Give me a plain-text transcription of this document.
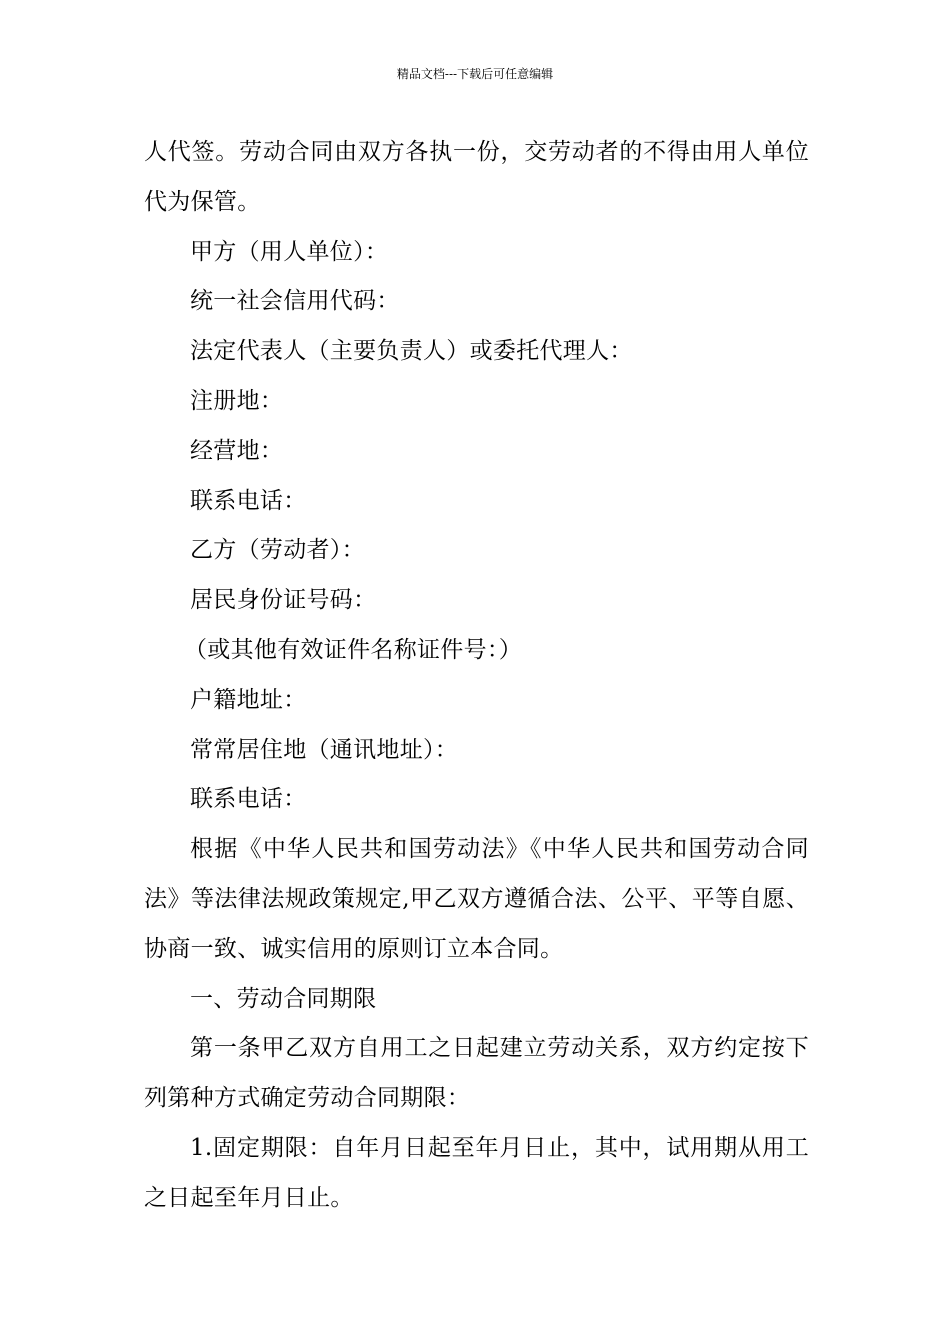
精品文档---下载后可任意编辑

人代签。劳动合同由双方各执一份，交劳动者的不得由用人单位代为保管。

甲方（用人单位）：

统一社会信用代码：

法定代表人（主要负责人）或委托代理人：

注册地：

经营地：

联系电话：

乙方（劳动者）：

居民身份证号码：

（或其他有效证件名称证件号：）

户籍地址：

常常居住地（通讯地址）：

联系电话：

根据《中华人民共和国劳动法》《中华人民共和国劳动合同法》等法律法规政策规定,甲乙双方遵循合法、公平、平等自愿、协商一致、诚实信用的原则订立本合同。

一、劳动合同期限

第一条甲乙双方自用工之日起建立劳动关系，双方约定按下列第种方式确定劳动合同期限：

1.固定期限：自年月日起至年月日止，其中，试用期从用工之日起至年月日止。
